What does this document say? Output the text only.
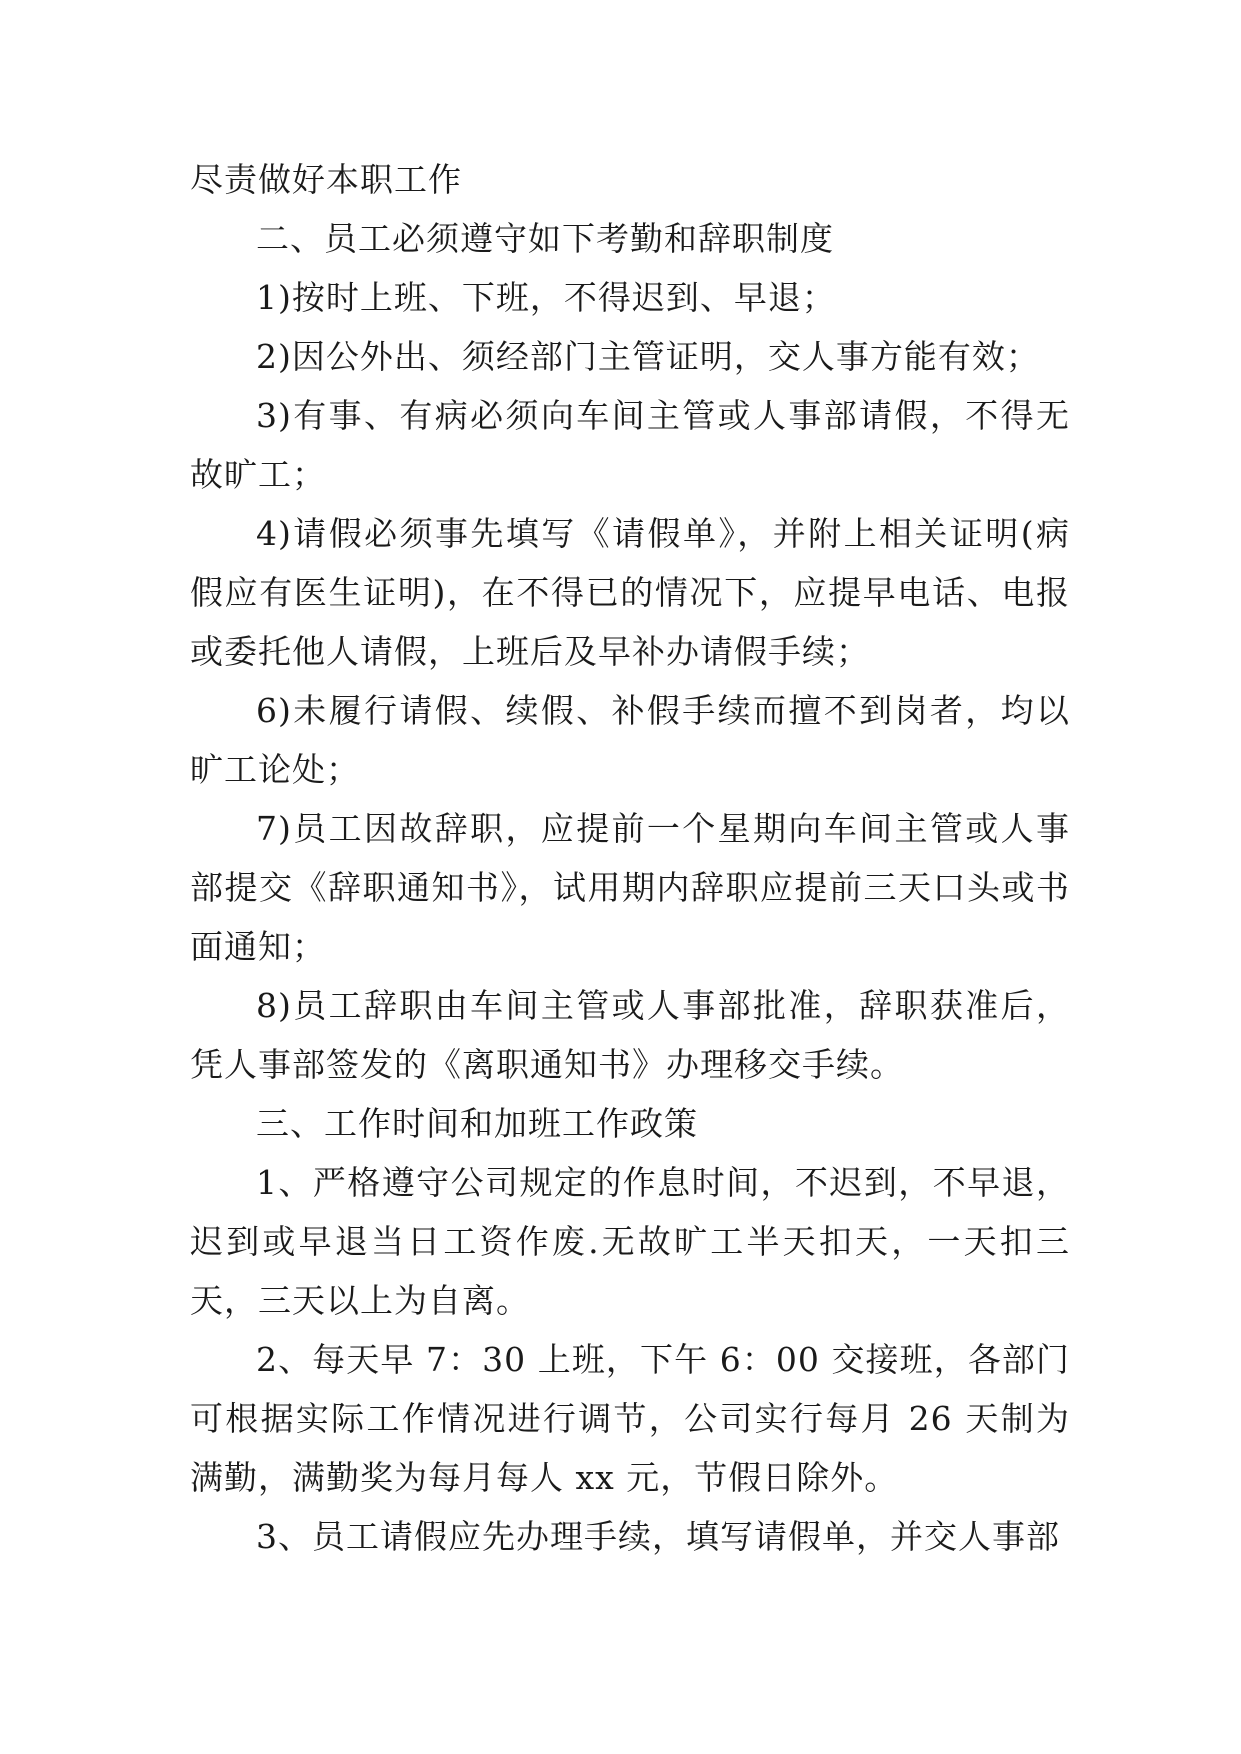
尽责做好本职工作

二、员工必须遵守如下考勤和辞职制度

1)按时上班、下班，不得迟到、早退；

2)因公外出、须经部门主管证明，交人事方能有效；

3)有事、有病必须向车间主管或人事部请假，不得无故旷工；

4)请假必须事先填写《请假单》，并附上相关证明(病假应有医生证明)，在不得已的情况下，应提早电话、电报或委托他人请假，上班后及早补办请假手续；

6)未履行请假、续假、补假手续而擅不到岗者，均以旷工论处；

7)员工因故辞职，应提前一个星期向车间主管或人事部提交《辞职通知书》，试用期内辞职应提前三天口头或书面通知；

8)员工辞职由车间主管或人事部批准，辞职获准后，凭人事部签发的《离职通知书》办理移交手续。

三、工作时间和加班工作政策

1、严格遵守公司规定的作息时间，不迟到，不早退，迟到或早退当日工资作废.无故旷工半天扣天，一天扣三天，三天以上为自离。

2、每天早 7：30 上班，下午 6：00 交接班，各部门可根据实际工作情况进行调节，公司实行每月 26 天制为满勤，满勤奖为每月每人 xx 元，节假日除外。

3、员工请假应先办理手续，填写请假单，并交人事部
